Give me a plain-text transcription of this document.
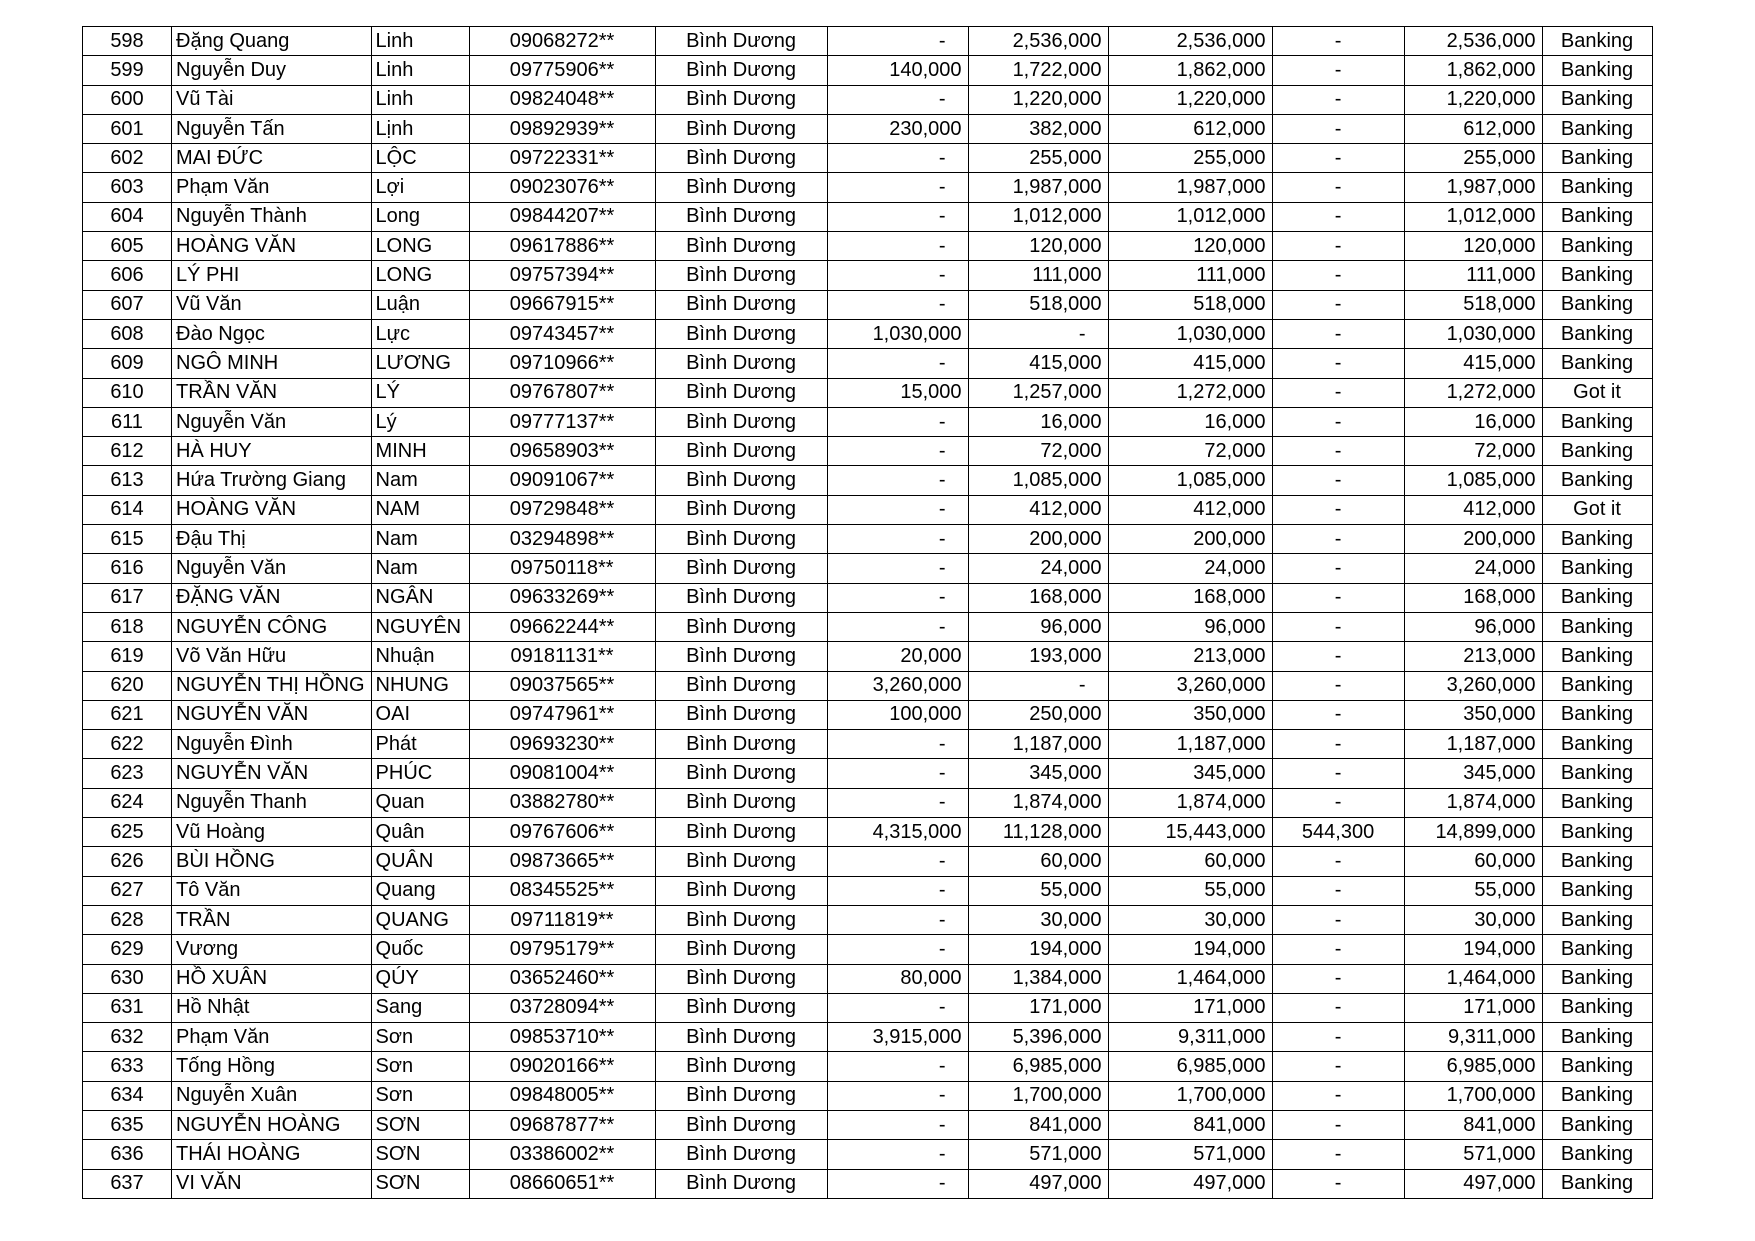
598	Đặng Quang	Linh	09068272**	Bình Dương	-	2,536,000	2,536,000	-	2,536,000	Banking
599	Nguyễn Duy	Linh	09775906**	Bình Dương	140,000	1,722,000	1,862,000	-	1,862,000	Banking
600	Vũ Tài	Linh	09824048**	Bình Dương	-	1,220,000	1,220,000	-	1,220,000	Banking
601	Nguyễn Tấn	Lịnh	09892939**	Bình Dương	230,000	382,000	612,000	-	612,000	Banking
602	MAI ĐỨC	LỘC	09722331**	Bình Dương	-	255,000	255,000	-	255,000	Banking
603	Phạm Văn	Lợi	09023076**	Bình Dương	-	1,987,000	1,987,000	-	1,987,000	Banking
604	Nguyễn Thành	Long	09844207**	Bình Dương	-	1,012,000	1,012,000	-	1,012,000	Banking
605	HOÀNG VĂN	LONG	09617886**	Bình Dương	-	120,000	120,000	-	120,000	Banking
606	LÝ PHI	LONG	09757394**	Bình Dương	-	111,000	111,000	-	111,000	Banking
607	Vũ Văn	Luận	09667915**	Bình Dương	-	518,000	518,000	-	518,000	Banking
608	Đào Ngọc	Lực	09743457**	Bình Dương	1,030,000	-	1,030,000	-	1,030,000	Banking
609	NGÔ MINH	LƯƠNG	09710966**	Bình Dương	-	415,000	415,000	-	415,000	Banking
610	TRẦN VĂN	LÝ	09767807**	Bình Dương	15,000	1,257,000	1,272,000	-	1,272,000	Got it
611	Nguyễn Văn	Lý	09777137**	Bình Dương	-	16,000	16,000	-	16,000	Banking
612	HÀ HUY	MINH	09658903**	Bình Dương	-	72,000	72,000	-	72,000	Banking
613	Hứa Trường Giang	Nam	09091067**	Bình Dương	-	1,085,000	1,085,000	-	1,085,000	Banking
614	HOÀNG VĂN	NAM	09729848**	Bình Dương	-	412,000	412,000	-	412,000	Got it
615	Đậu Thị	Nam	03294898**	Bình Dương	-	200,000	200,000	-	200,000	Banking
616	Nguyễn Văn	Nam	09750118**	Bình Dương	-	24,000	24,000	-	24,000	Banking
617	ĐẶNG VĂN	NGÂN	09633269**	Bình Dương	-	168,000	168,000	-	168,000	Banking
618	NGUYỄN CÔNG	NGUYÊN	09662244**	Bình Dương	-	96,000	96,000	-	96,000	Banking
619	Võ Văn Hữu	Nhuận	09181131**	Bình Dương	20,000	193,000	213,000	-	213,000	Banking
620	NGUYỄN THỊ HỒNG	NHUNG	09037565**	Bình Dương	3,260,000	-	3,260,000	-	3,260,000	Banking
621	NGUYỄN VĂN	OAI	09747961**	Bình Dương	100,000	250,000	350,000	-	350,000	Banking
622	Nguyễn Đình	Phát	09693230**	Bình Dương	-	1,187,000	1,187,000	-	1,187,000	Banking
623	NGUYỄN VĂN	PHÚC	09081004**	Bình Dương	-	345,000	345,000	-	345,000	Banking
624	Nguyễn Thanh	Quan	03882780**	Bình Dương	-	1,874,000	1,874,000	-	1,874,000	Banking
625	Vũ Hoàng	Quân	09767606**	Bình Dương	4,315,000	11,128,000	15,443,000	544,300	14,899,000	Banking
626	BÙI HỒNG	QUÂN	09873665**	Bình Dương	-	60,000	60,000	-	60,000	Banking
627	Tô Văn	Quang	08345525**	Bình Dương	-	55,000	55,000	-	55,000	Banking
628	TRẦN	QUANG	09711819**	Bình Dương	-	30,000	30,000	-	30,000	Banking
629	Vương	Quốc	09795179**	Bình Dương	-	194,000	194,000	-	194,000	Banking
630	HỒ XUÂN	QÚY	03652460**	Bình Dương	80,000	1,384,000	1,464,000	-	1,464,000	Banking
631	Hồ Nhật	Sang	03728094**	Bình Dương	-	171,000	171,000	-	171,000	Banking
632	Phạm Văn	Sơn	09853710**	Bình Dương	3,915,000	5,396,000	9,311,000	-	9,311,000	Banking
633	Tống Hồng	Sơn	09020166**	Bình Dương	-	6,985,000	6,985,000	-	6,985,000	Banking
634	Nguyễn Xuân	Sơn	09848005**	Bình Dương	-	1,700,000	1,700,000	-	1,700,000	Banking
635	NGUYỄN HOÀNG	SƠN	09687877**	Bình Dương	-	841,000	841,000	-	841,000	Banking
636	THÁI HOÀNG	SƠN	03386002**	Bình Dương	-	571,000	571,000	-	571,000	Banking
637	VI VĂN	SƠN	08660651**	Bình Dương	-	497,000	497,000	-	497,000	Banking
